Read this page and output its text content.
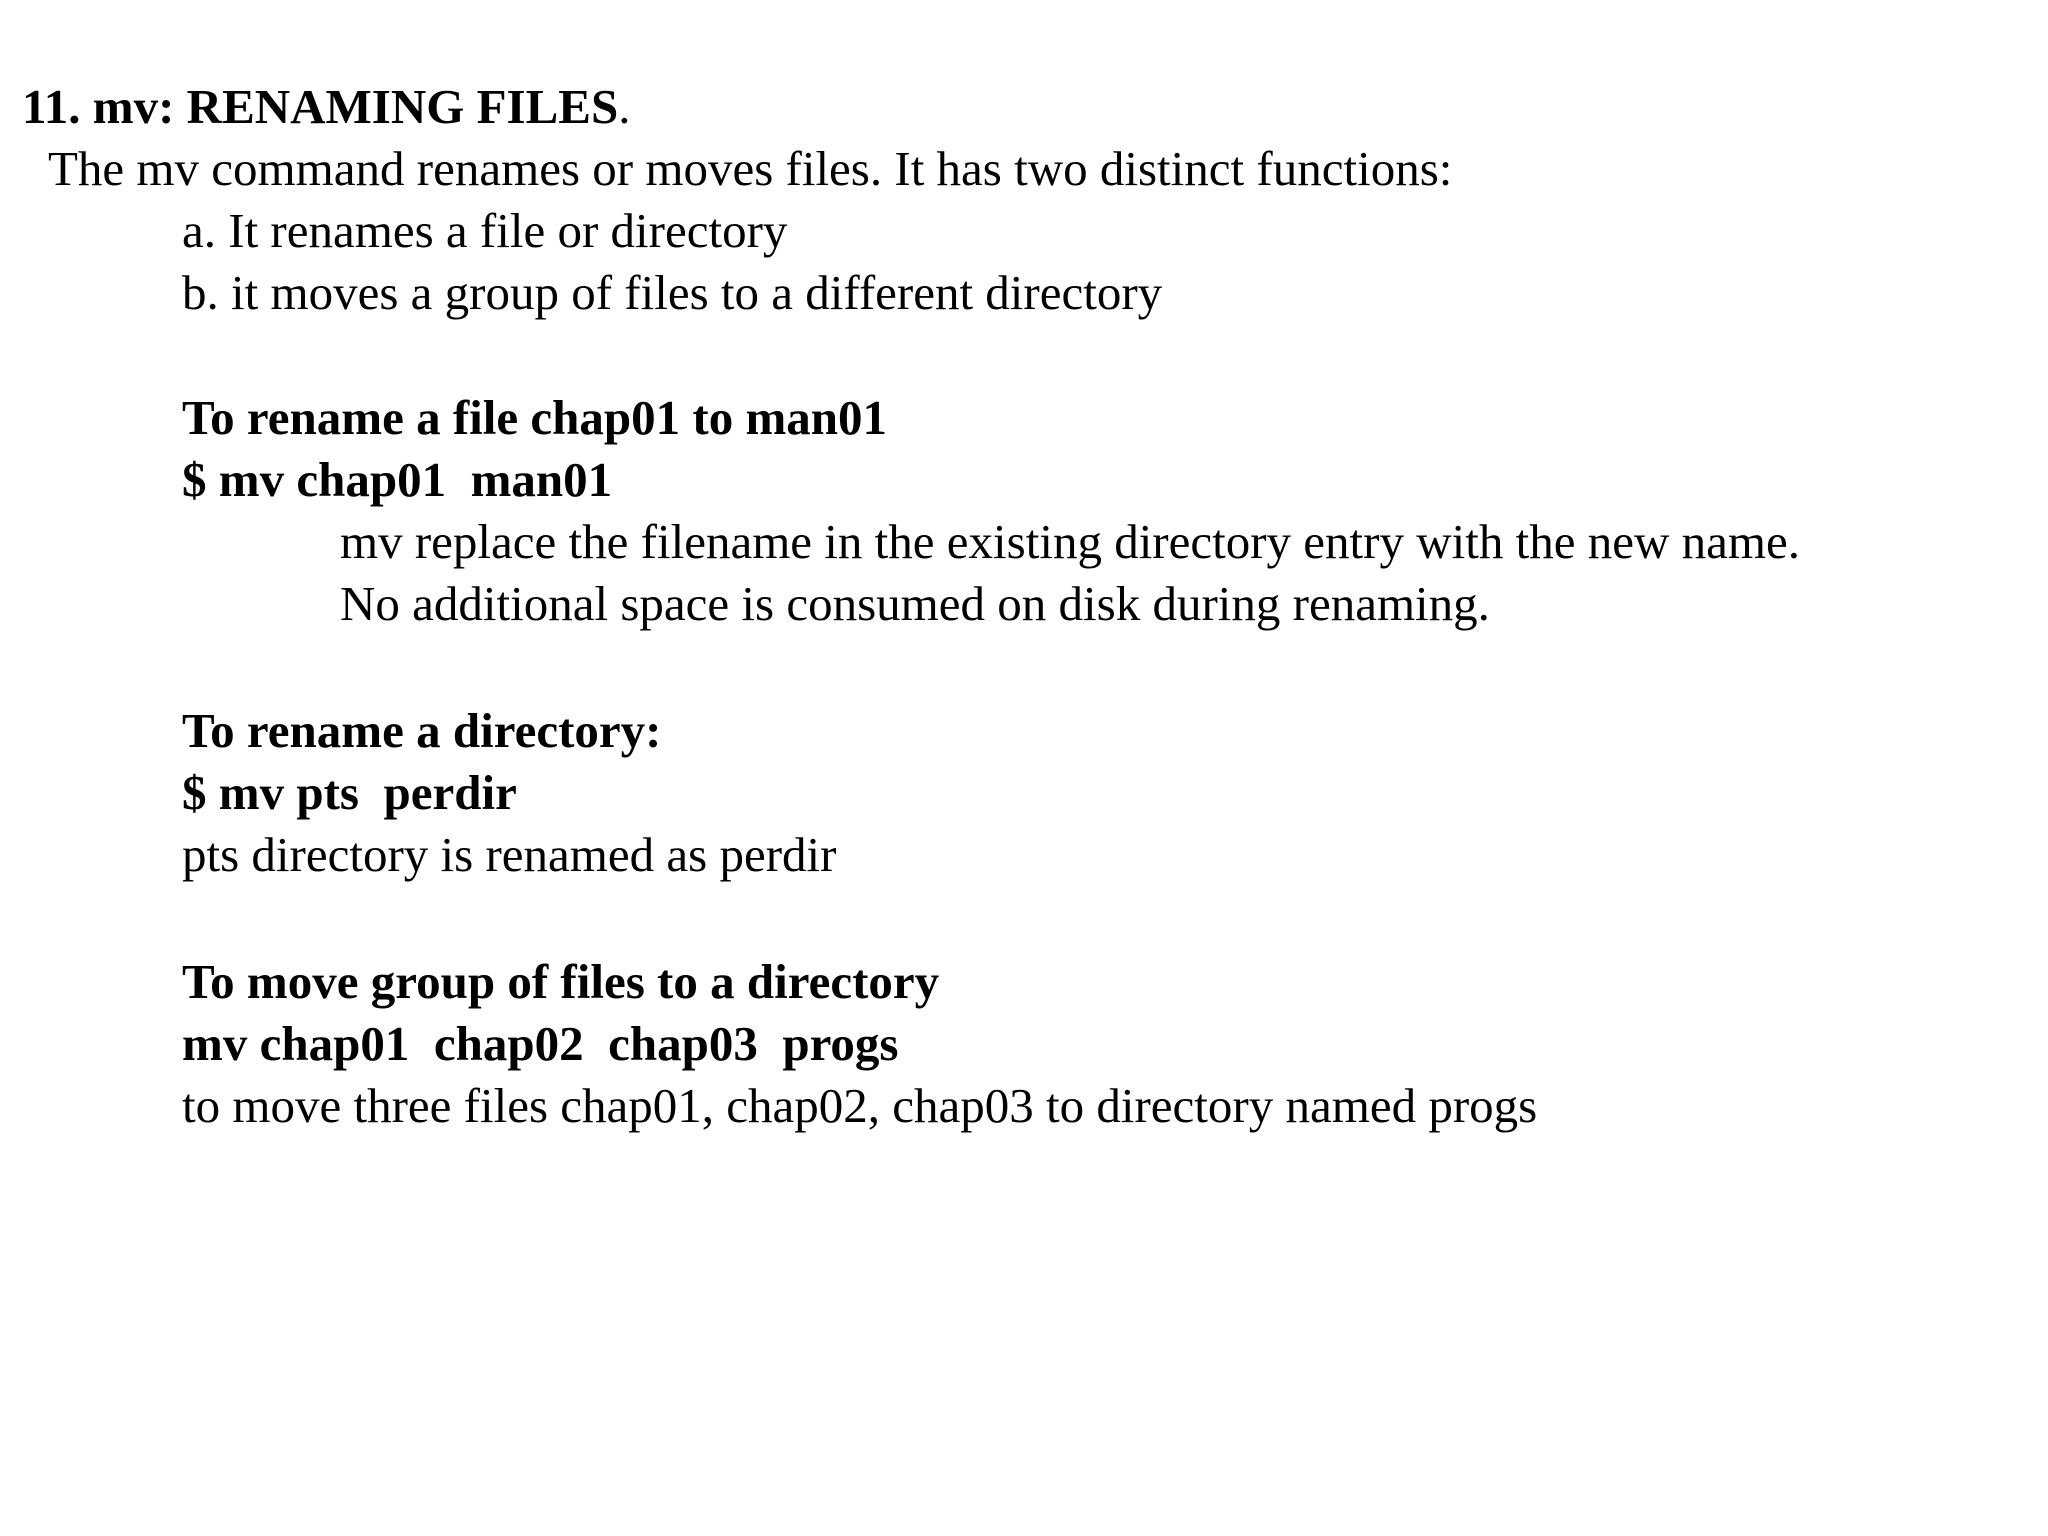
11. mv: RENAMING FILES.
The mv command renames or moves files. It has two distinct functions:
a. It renames a file or directory
b. it moves a group of files to a different directory
To rename a file chap01 to man01
$ mv chap01  man01
mv replace the filename in the existing directory entry with the new name.
No additional space is consumed on disk during renaming.
To rename a directory:
$ mv pts  perdir
pts directory is renamed as perdir
To move group of files to a directory
mv chap01  chap02  chap03  progs
to move three files chap01, chap02, chap03 to directory named progs
